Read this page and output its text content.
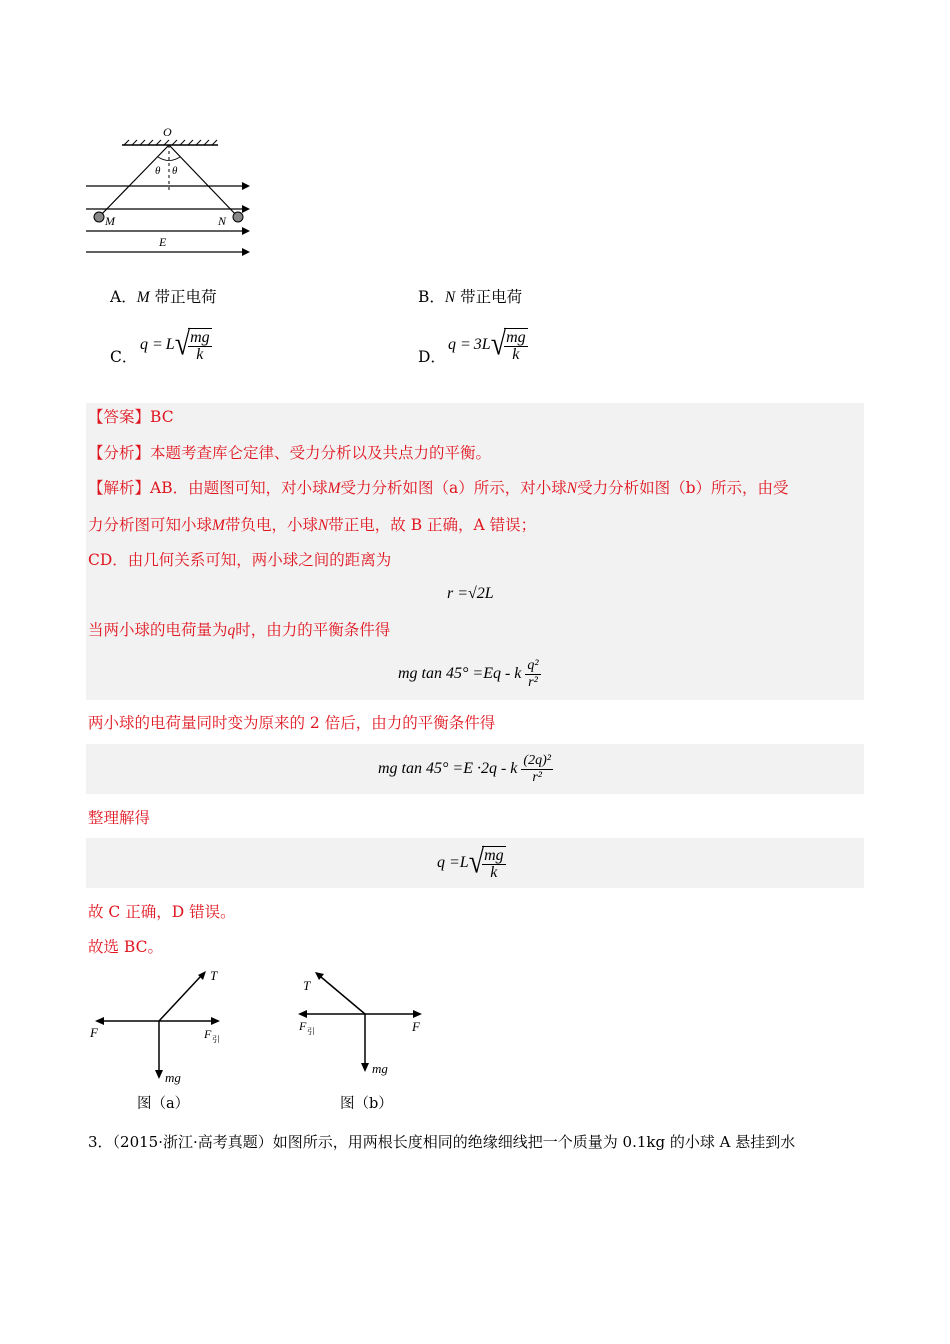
O
θ θ
M	N
E
A．M 带正电荷	B．N 带正电荷
C．
q = L √
$\frac{mg}{k}$	D．
q = 3L √
$\frac{mg}{k}$
【答案】BC
【分析】本题考查库仑定律、受力分析以及共点力的平衡。
【解析】AB．由题图可知，对小球M受力分析如图（a）所示，对小球N受力分析如图（b）所示，由受
力分析图可知小球M带负电，小球N带正电，故 B 正确，A 错误；
CD．由几何关系可知，两小球之间的距离为
r =√2L
当两小球的电荷量为q时，由力的平衡条件得
mg tan 45° =Eq - k $\frac{\text{q²}}{\text{r²}}$
两小球的电荷量同时变为原来的 2 倍后，由力的平衡条件得
mg tan 45° =E ·2q - k $\frac{\text{(2q)²}}{\text{r²}}$
整理解得
q =L √
$\frac{mg}{k}$
故 C 正确，D 错误。
故选 BC。
T
F	F 引
mg
图（a）
T
F 引	F
mg
图（b）
3．（2015·浙江·高考真题）如图所示，用两根长度相同的绝缘细线把一个质量为 0.1kg 的小球 A 悬挂到水
